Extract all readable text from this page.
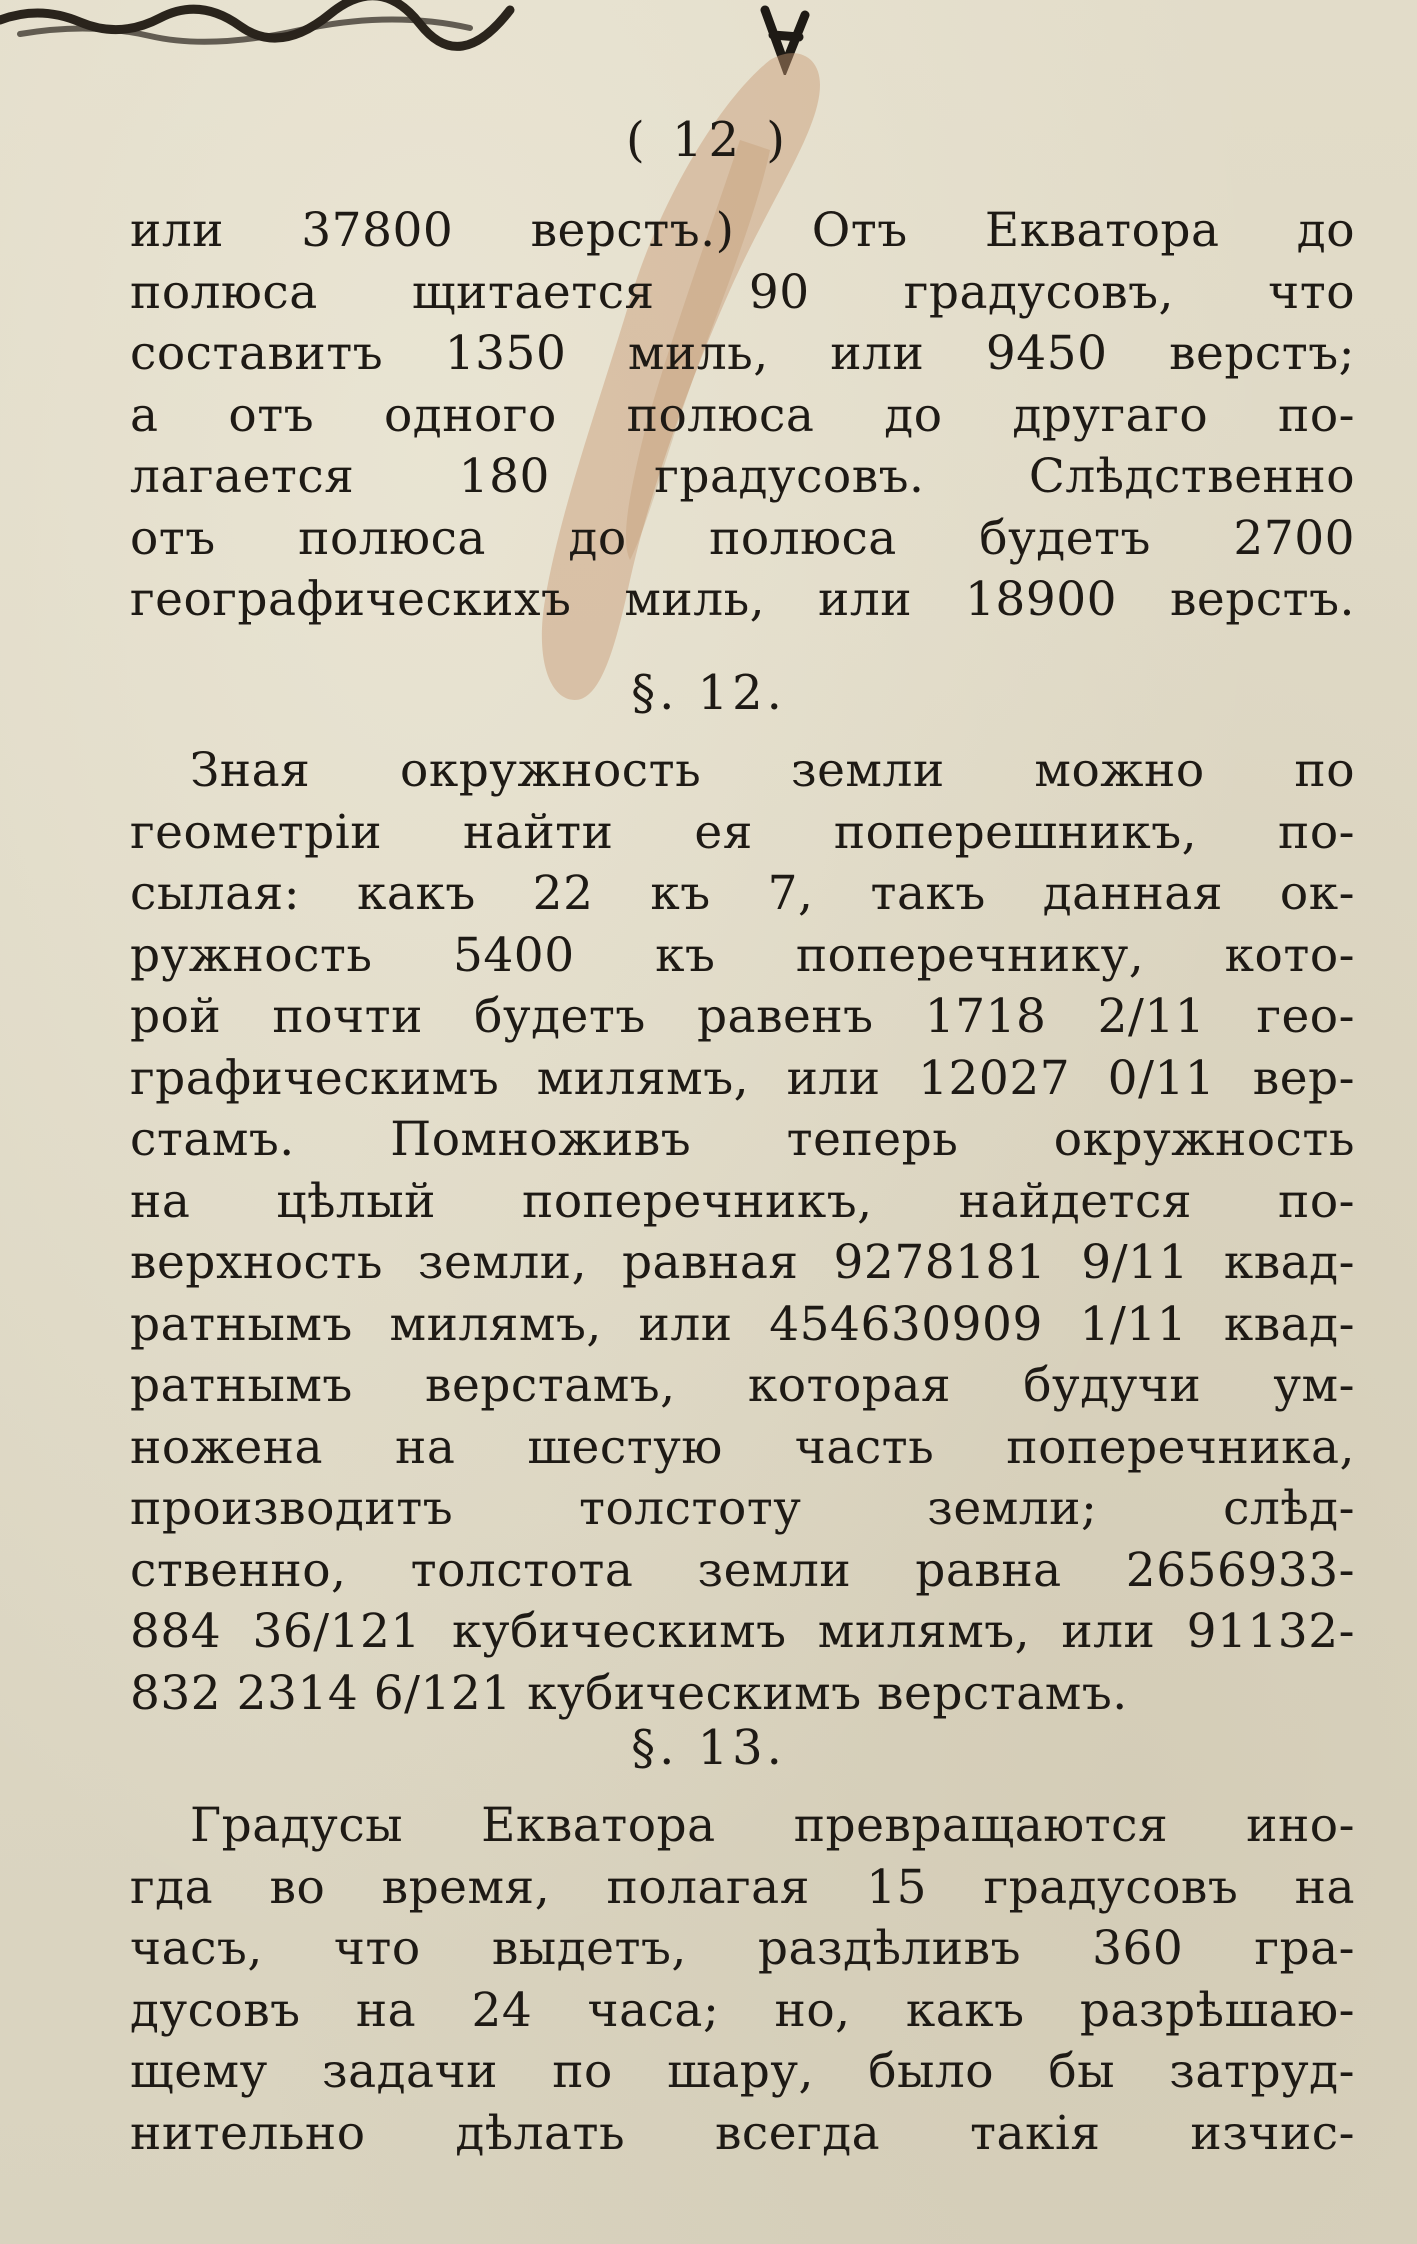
( 12 )
или 37800 верстъ.) Отъ Екватора до
полюса щитается 90 градусовъ, что
составитъ 1350 миль, или 9450 верстъ;
а отъ одного полюса до другаго по-
лагается 180 градусовъ. Слѣдственно
отъ полюса до полюса будетъ 2700
географическихъ миль, или 18900 верстъ.
§. 12.
Зная окружность земли можно по
геометріи найти ея поперешникъ, по-
сылая: какъ 22 къ 7, такъ данная ок-
ружность 5400 къ поперечнику, кото-
рой почти будетъ равенъ 1718 2/11 гео-
графическимъ милямъ, или 12027 0/11 вер-
стамъ. Помноживъ теперь окружность
на цѣлый поперечникъ, найдется по-
верхность земли, равная 9278181 9/11 квад-
ратнымъ милямъ, или 454630909 1/11 квад-
ратнымъ верстамъ, которая будучи ум-
ножена на шестую часть поперечника,
производитъ толстоту земли; слѣд-
ственно, толстота земли равна 2656933-
884 36/121 кубическимъ милямъ, или 91132-
832 2314 6/121 кубическимъ верстамъ.
§. 13.
Градусы Екватора превращаются ино-
гда во время, полагая 15 градусовъ на
часъ, что выдетъ, раздѣливъ 360 гра-
дусовъ на 24 часа; но, какъ разрѣшаю-
щему задачи по шару, было бы затруд-
нительно дѣлать всегда такія изчис-
